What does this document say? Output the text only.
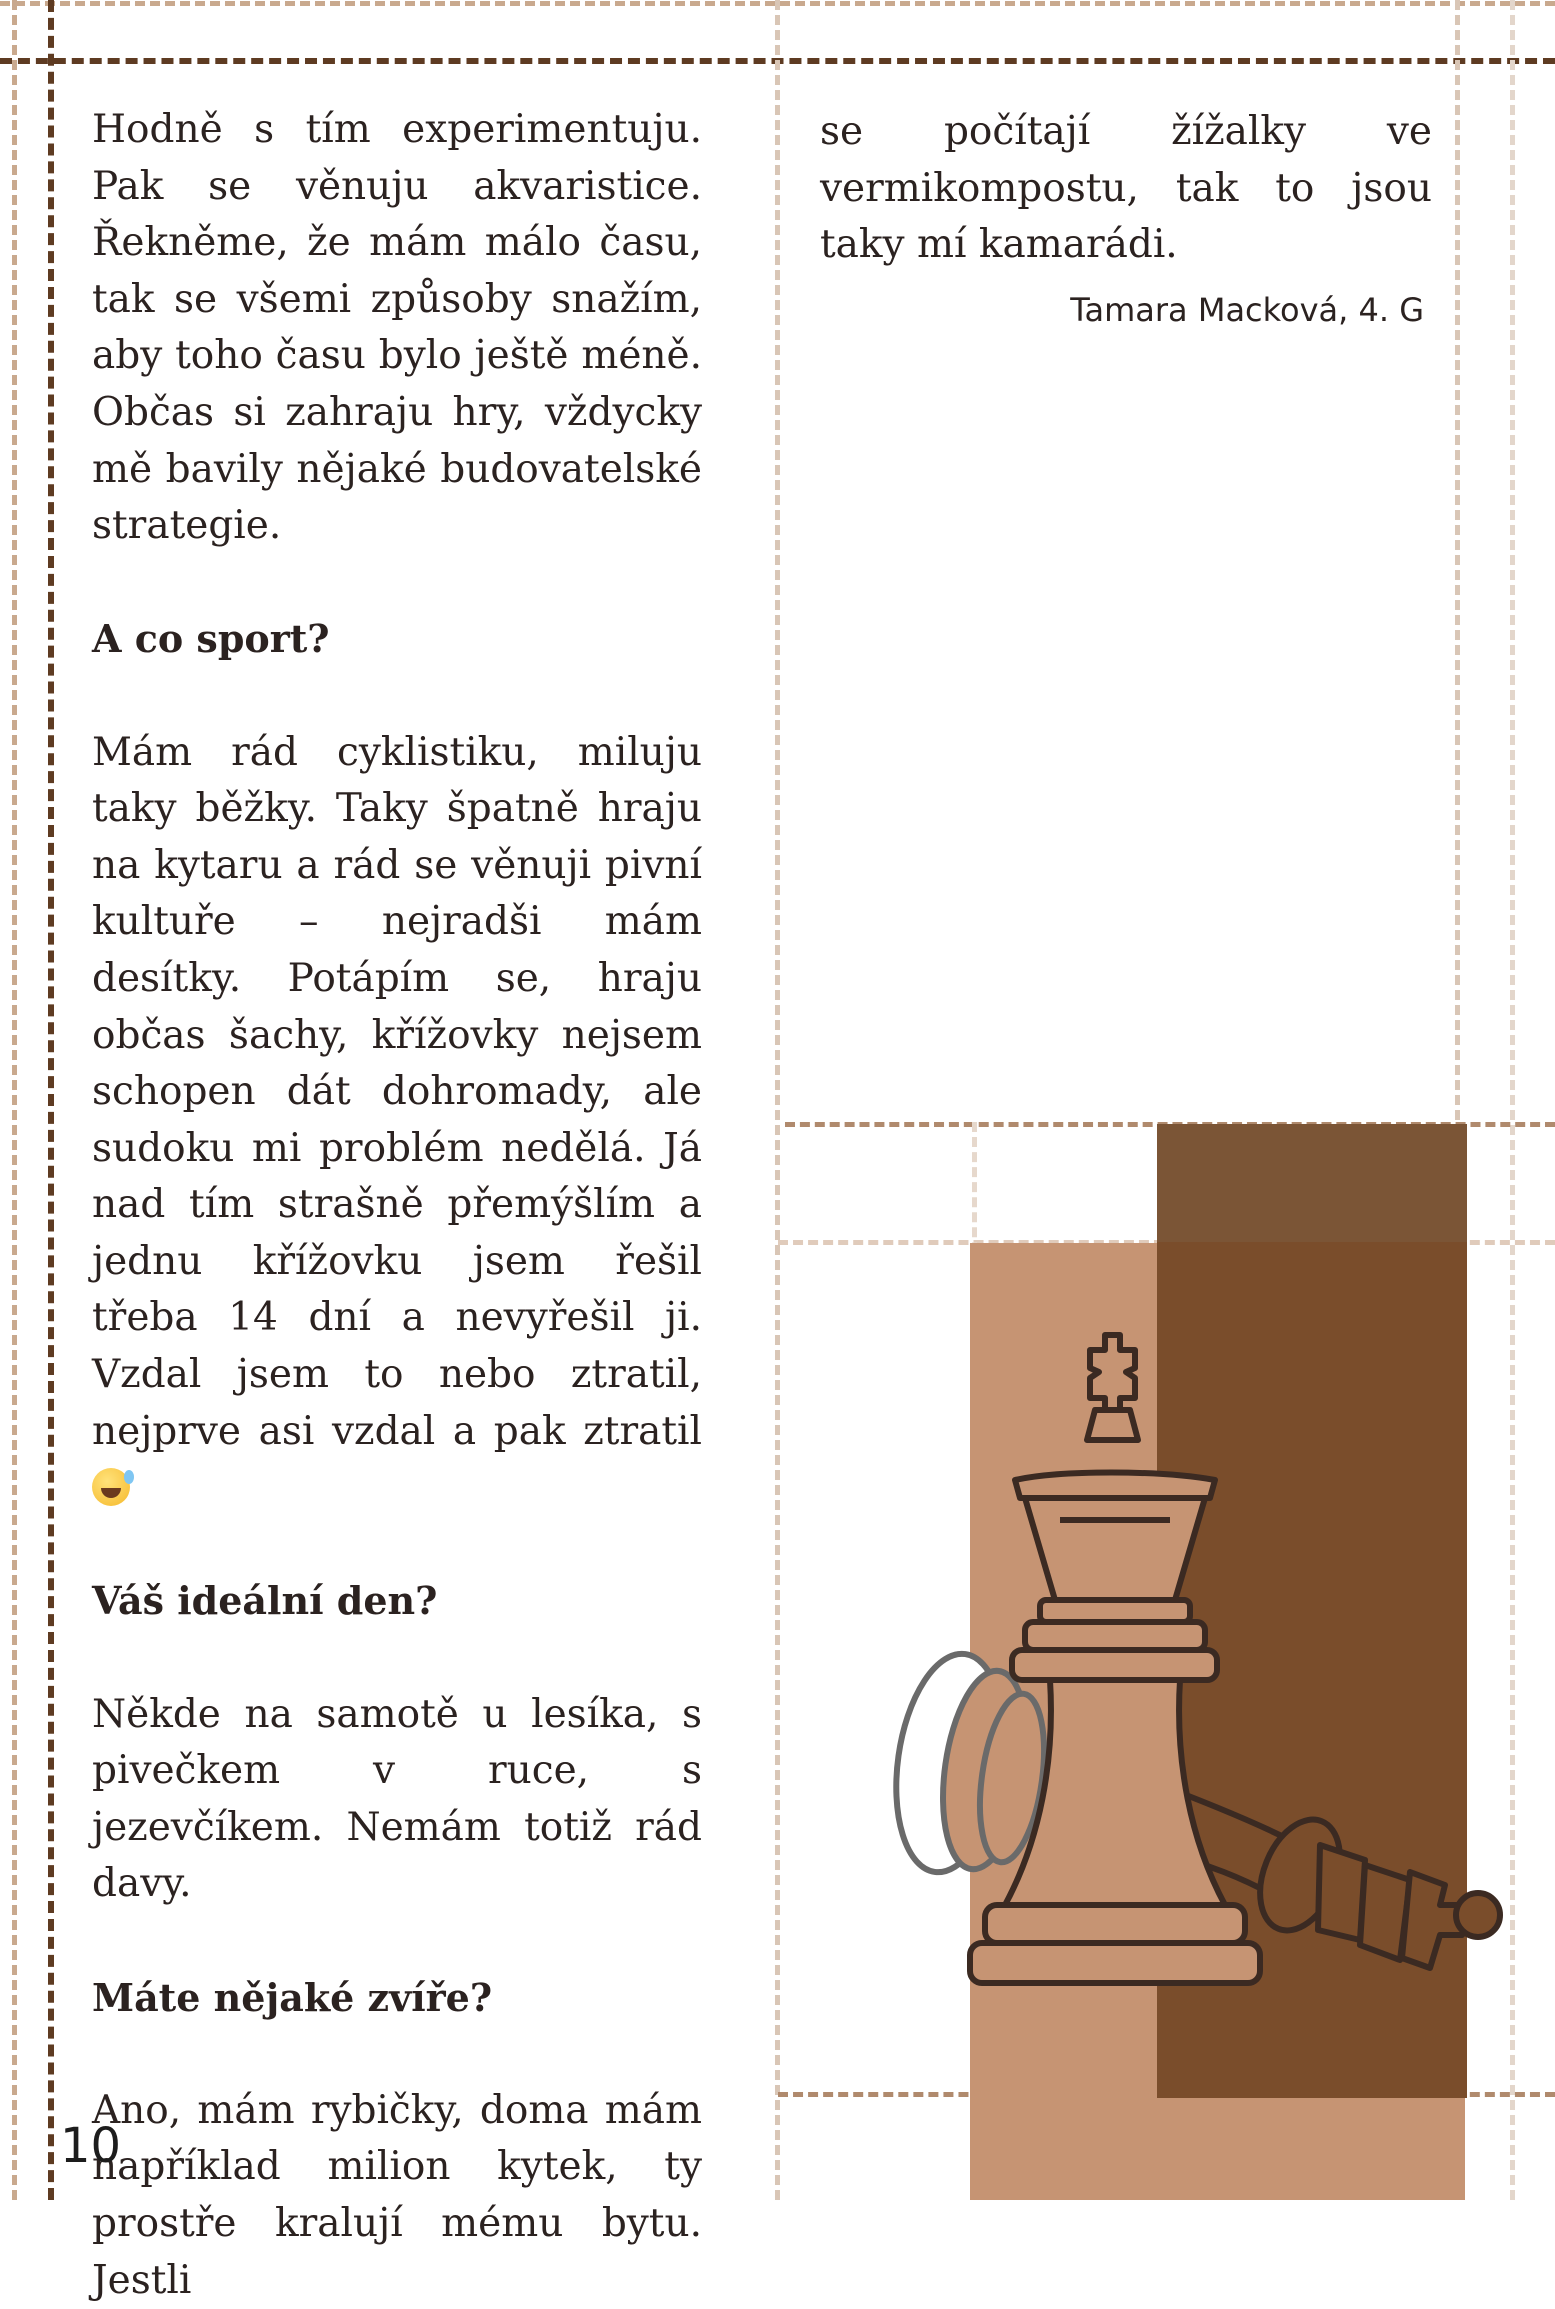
Hodně s tím experimentuju. Pak se věnuju akvaristice. Řekněme, že mám málo času, tak se všemi způsoby snažím, aby toho času bylo ještě méně. Občas si zahraju hry, vždycky mě bavily nějaké budovatelské strategie.

A co sport?

Mám rád cyklistiku, miluju taky běžky. Taky špatně hraju na kytaru a rád se věnuji pivní kultuře – nejradši mám desítky. Potápím se, hraju občas šachy, křížovky nejsem schopen dát dohromady, ale sudoku mi problém nedělá. Já nad tím strašně přemýšlím a jednu křížovku jsem řešil třeba 14 dní a nevyřešil ji. Vzdal jsem to nebo ztratil, nejprve asi vzdal a pak ztratil

Váš ideální den?

Někde na samotě u lesíka, s pivečkem v ruce, s jezevčíkem. Nemám totiž rád davy.

Máte nějaké zvíře?

Ano, mám rybičky, doma mám například milion kytek, ty prostře kralují mému bytu. Jestli

se počítají žížalky ve vermikompostu, tak to jsou taky mí kamarádi.

Tamara Macková, 4. G
10
